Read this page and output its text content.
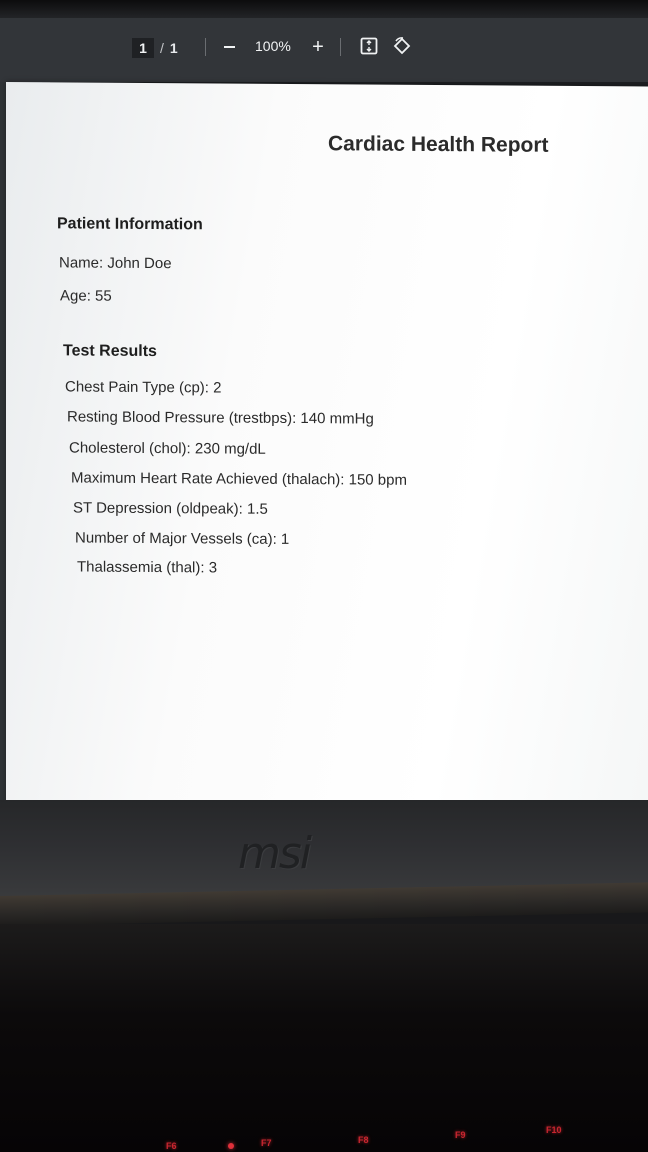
1 / 1	100% +
Cardiac Health Report
Patient Information
Name: John Doe
Age: 55
Test Results
Chest Pain Type (cp): 2
Resting Blood Pressure (trestbps): 140 mmHg
Cholesterol (chol): 230 mg/dL
Maximum Heart Rate Achieved (thalach): 150 bpm
ST Depression (oldpeak): 1.5
Number of Major Vessels (ca): 1
Thalassemia (thal): 3
msi
F6	F7	F8	F9	F10
